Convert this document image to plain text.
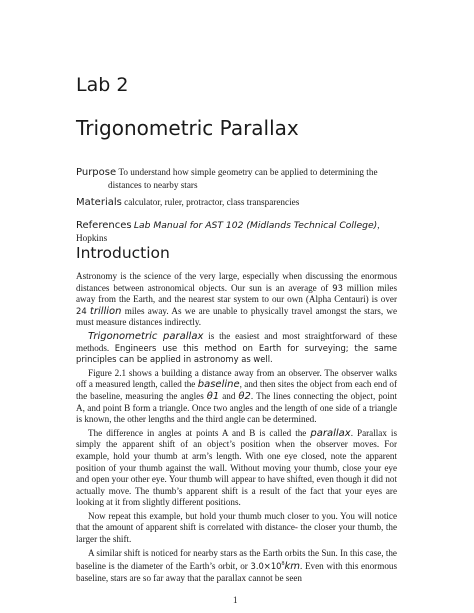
Lab 2
Trigonometric Parallax
Purpose To understand how simple geometry can be applied to determining the
distances to nearby stars
Materials calculator, ruler, protractor, class transparencies
References Lab Manual for AST 102 (Midlands Technical College), Hopkins
Introduction

Astronomy is the science of the very large, especially when discussing the enormous distances between astronomical objects. Our sun is an average of 93 million miles away from the Earth, and the nearest star system to our own (Alpha Centauri) is over 24 trillion miles away. As we are unable to physically travel amongst the stars, we must measure distances indirectly.

Trigonometric parallax is the easiest and most straightforward of these methods. Engineers use this method on Earth for surveying; the same principles can be applied in astronomy as well.

Figure 2.1 shows a building a distance away from an observer. The observer walks off a measured length, called the baseline, and then sites the object from each end of the baseline, measuring the angles θ1 and θ2. The lines connecting the object, point A, and point B form a triangle. Once two angles and the length of one side of a triangle is known, the other lengths and the third angle can be determined.

The difference in angles at points A and B is called the parallax. Parallax is simply the apparent shift of an object’s position when the observer moves. For example, hold your thumb at arm’s length. With one eye closed, note the apparent position of your thumb against the wall. Without moving your thumb, close your eye and open your other eye. Your thumb will appear to have shifted, even though it did not actually move. The thumb’s apparent shift is a result of the fact that your eyes are looking at it from slightly different positions.

Now repeat this example, but hold your thumb much closer to you. You will notice that the amount of apparent shift is correlated with distance- the closer your thumb, the larger the shift.

A similar shift is noticed for nearby stars as the Earth orbits the Sun. In this case, the baseline is the diameter of the Earth’s orbit, or $3.0\times 10^8km$. Even with this enormous baseline, stars are so far away that the parallax cannot be seen

1
